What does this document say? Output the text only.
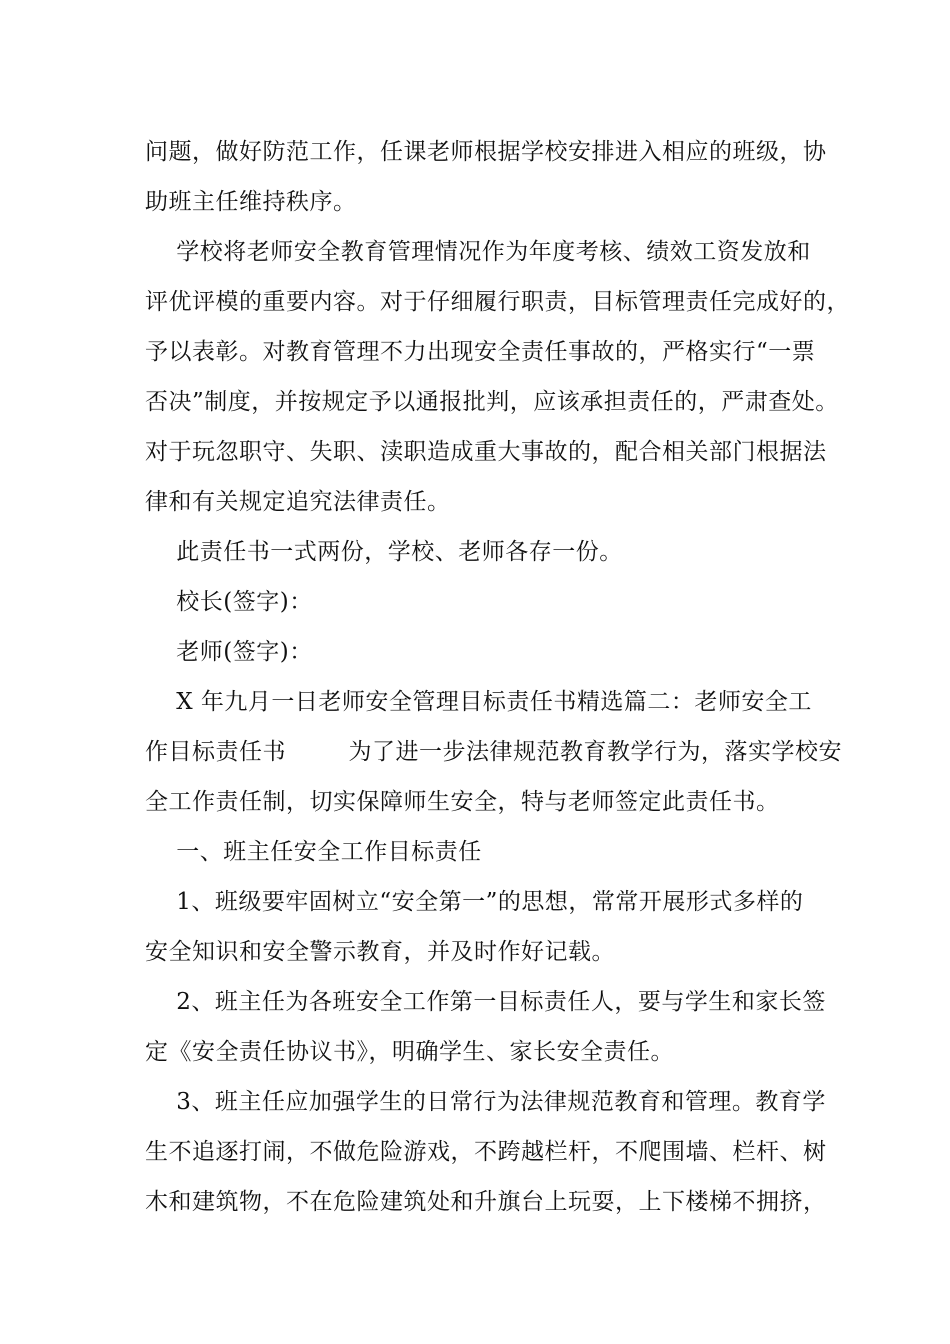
问题，做好防范工作，任课老师根据学校安排进入相应的班级，协
助班主任维持秩序。
学校将老师安全教育管理情况作为年度考核、绩效工资发放和
评优评模的重要内容。对于仔细履行职责，目标管理责任完成好的，
予以表彰。对教育管理不力出现安全责任事故的，严格实行“一票
否决”制度，并按规定予以通报批判，应该承担责任的，严肃查处。
对于玩忽职守、失职、渎职造成重大事故的，配合相关部门根据法
律和有关规定追究法律责任。
此责任书一式两份，学校、老师各存一份。
校长(签字)：
老师(签字)：
X 年九月一日老师安全管理目标责任书精选篇二：老师安全工
作目标责任书        为了进一步法律规范教育教学行为，落实学校安
全工作责任制，切实保障师生安全，特与老师签定此责任书。
一、班主任安全工作目标责任
1、班级要牢固树立“安全第一”的思想，常常开展形式多样的
安全知识和安全警示教育，并及时作好记载。
2、班主任为各班安全工作第一目标责任人，要与学生和家长签
定《安全责任协议书》，明确学生、家长安全责任。
3、班主任应加强学生的日常行为法律规范教育和管理。教育学
生不追逐打闹，不做危险游戏，不跨越栏杆，不爬围墙、栏杆、树
木和建筑物，不在危险建筑处和升旗台上玩耍，上下楼梯不拥挤，
